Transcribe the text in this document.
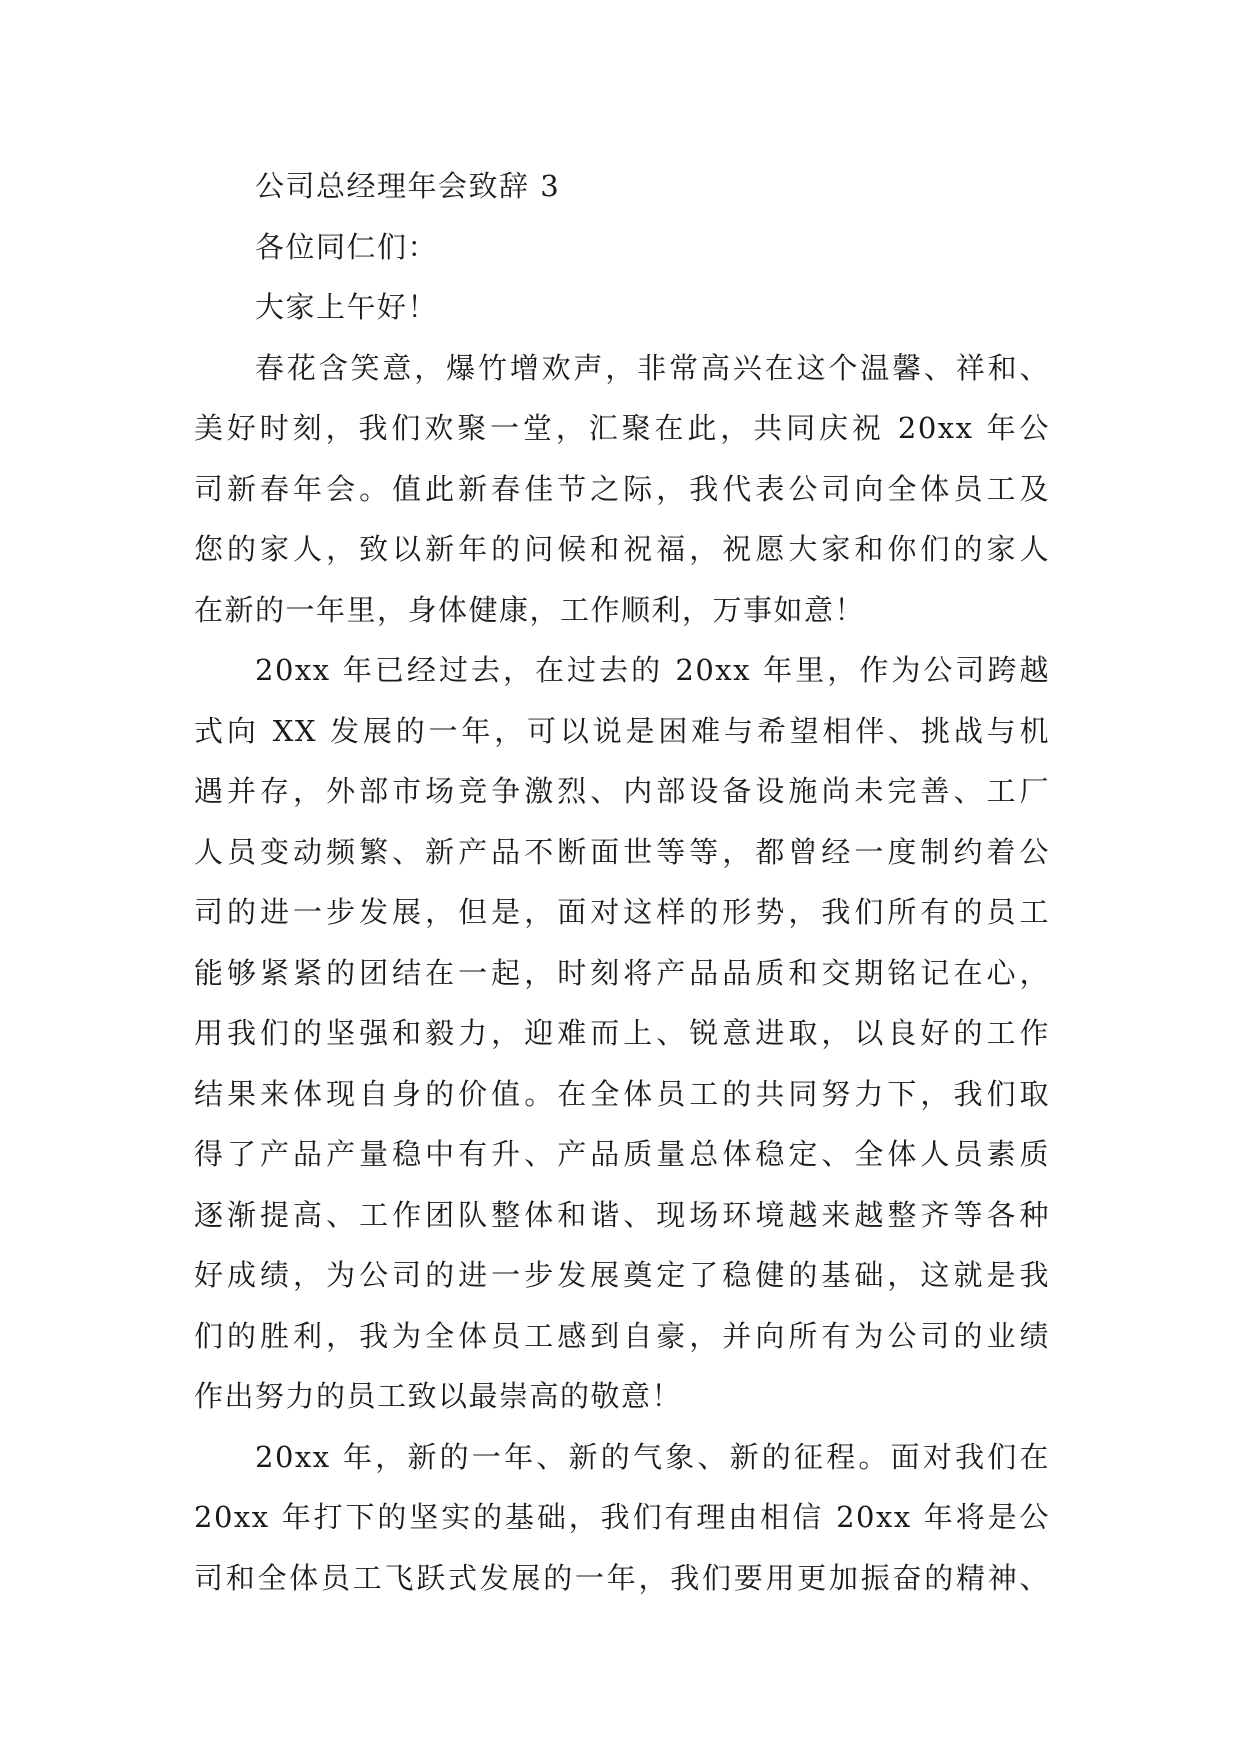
公司总经理年会致辞 3
各位同仁们：
大家上午好！
春花含笑意，爆竹增欢声，非常高兴在这个温馨、祥和、
美好时刻，我们欢聚一堂，汇聚在此，共同庆祝 20xx 年公
司新春年会。值此新春佳节之际，我代表公司向全体员工及
您的家人，致以新年的问候和祝福，祝愿大家和你们的家人
在新的一年里，身体健康，工作顺利，万事如意！
20xx 年已经过去，在过去的 20xx 年里，作为公司跨越
式向 XX 发展的一年，可以说是困难与希望相伴、挑战与机
遇并存，外部市场竞争激烈、内部设备设施尚未完善、工厂
人员变动频繁、新产品不断面世等等，都曾经一度制约着公
司的进一步发展，但是，面对这样的形势，我们所有的员工
能够紧紧的团结在一起，时刻将产品品质和交期铭记在心，
用我们的坚强和毅力，迎难而上、锐意进取，以良好的工作
结果来体现自身的价值。在全体员工的共同努力下，我们取
得了产品产量稳中有升、产品质量总体稳定、全体人员素质
逐渐提高、工作团队整体和谐、现场环境越来越整齐等各种
好成绩，为公司的进一步发展奠定了稳健的基础，这就是我
们的胜利，我为全体员工感到自豪，并向所有为公司的业绩
作出努力的员工致以最崇高的敬意！
20xx 年，新的一年、新的气象、新的征程。面对我们在
20xx 年打下的坚实的基础，我们有理由相信 20xx 年将是公
司和全体员工飞跃式发展的一年，我们要用更加振奋的精神、
